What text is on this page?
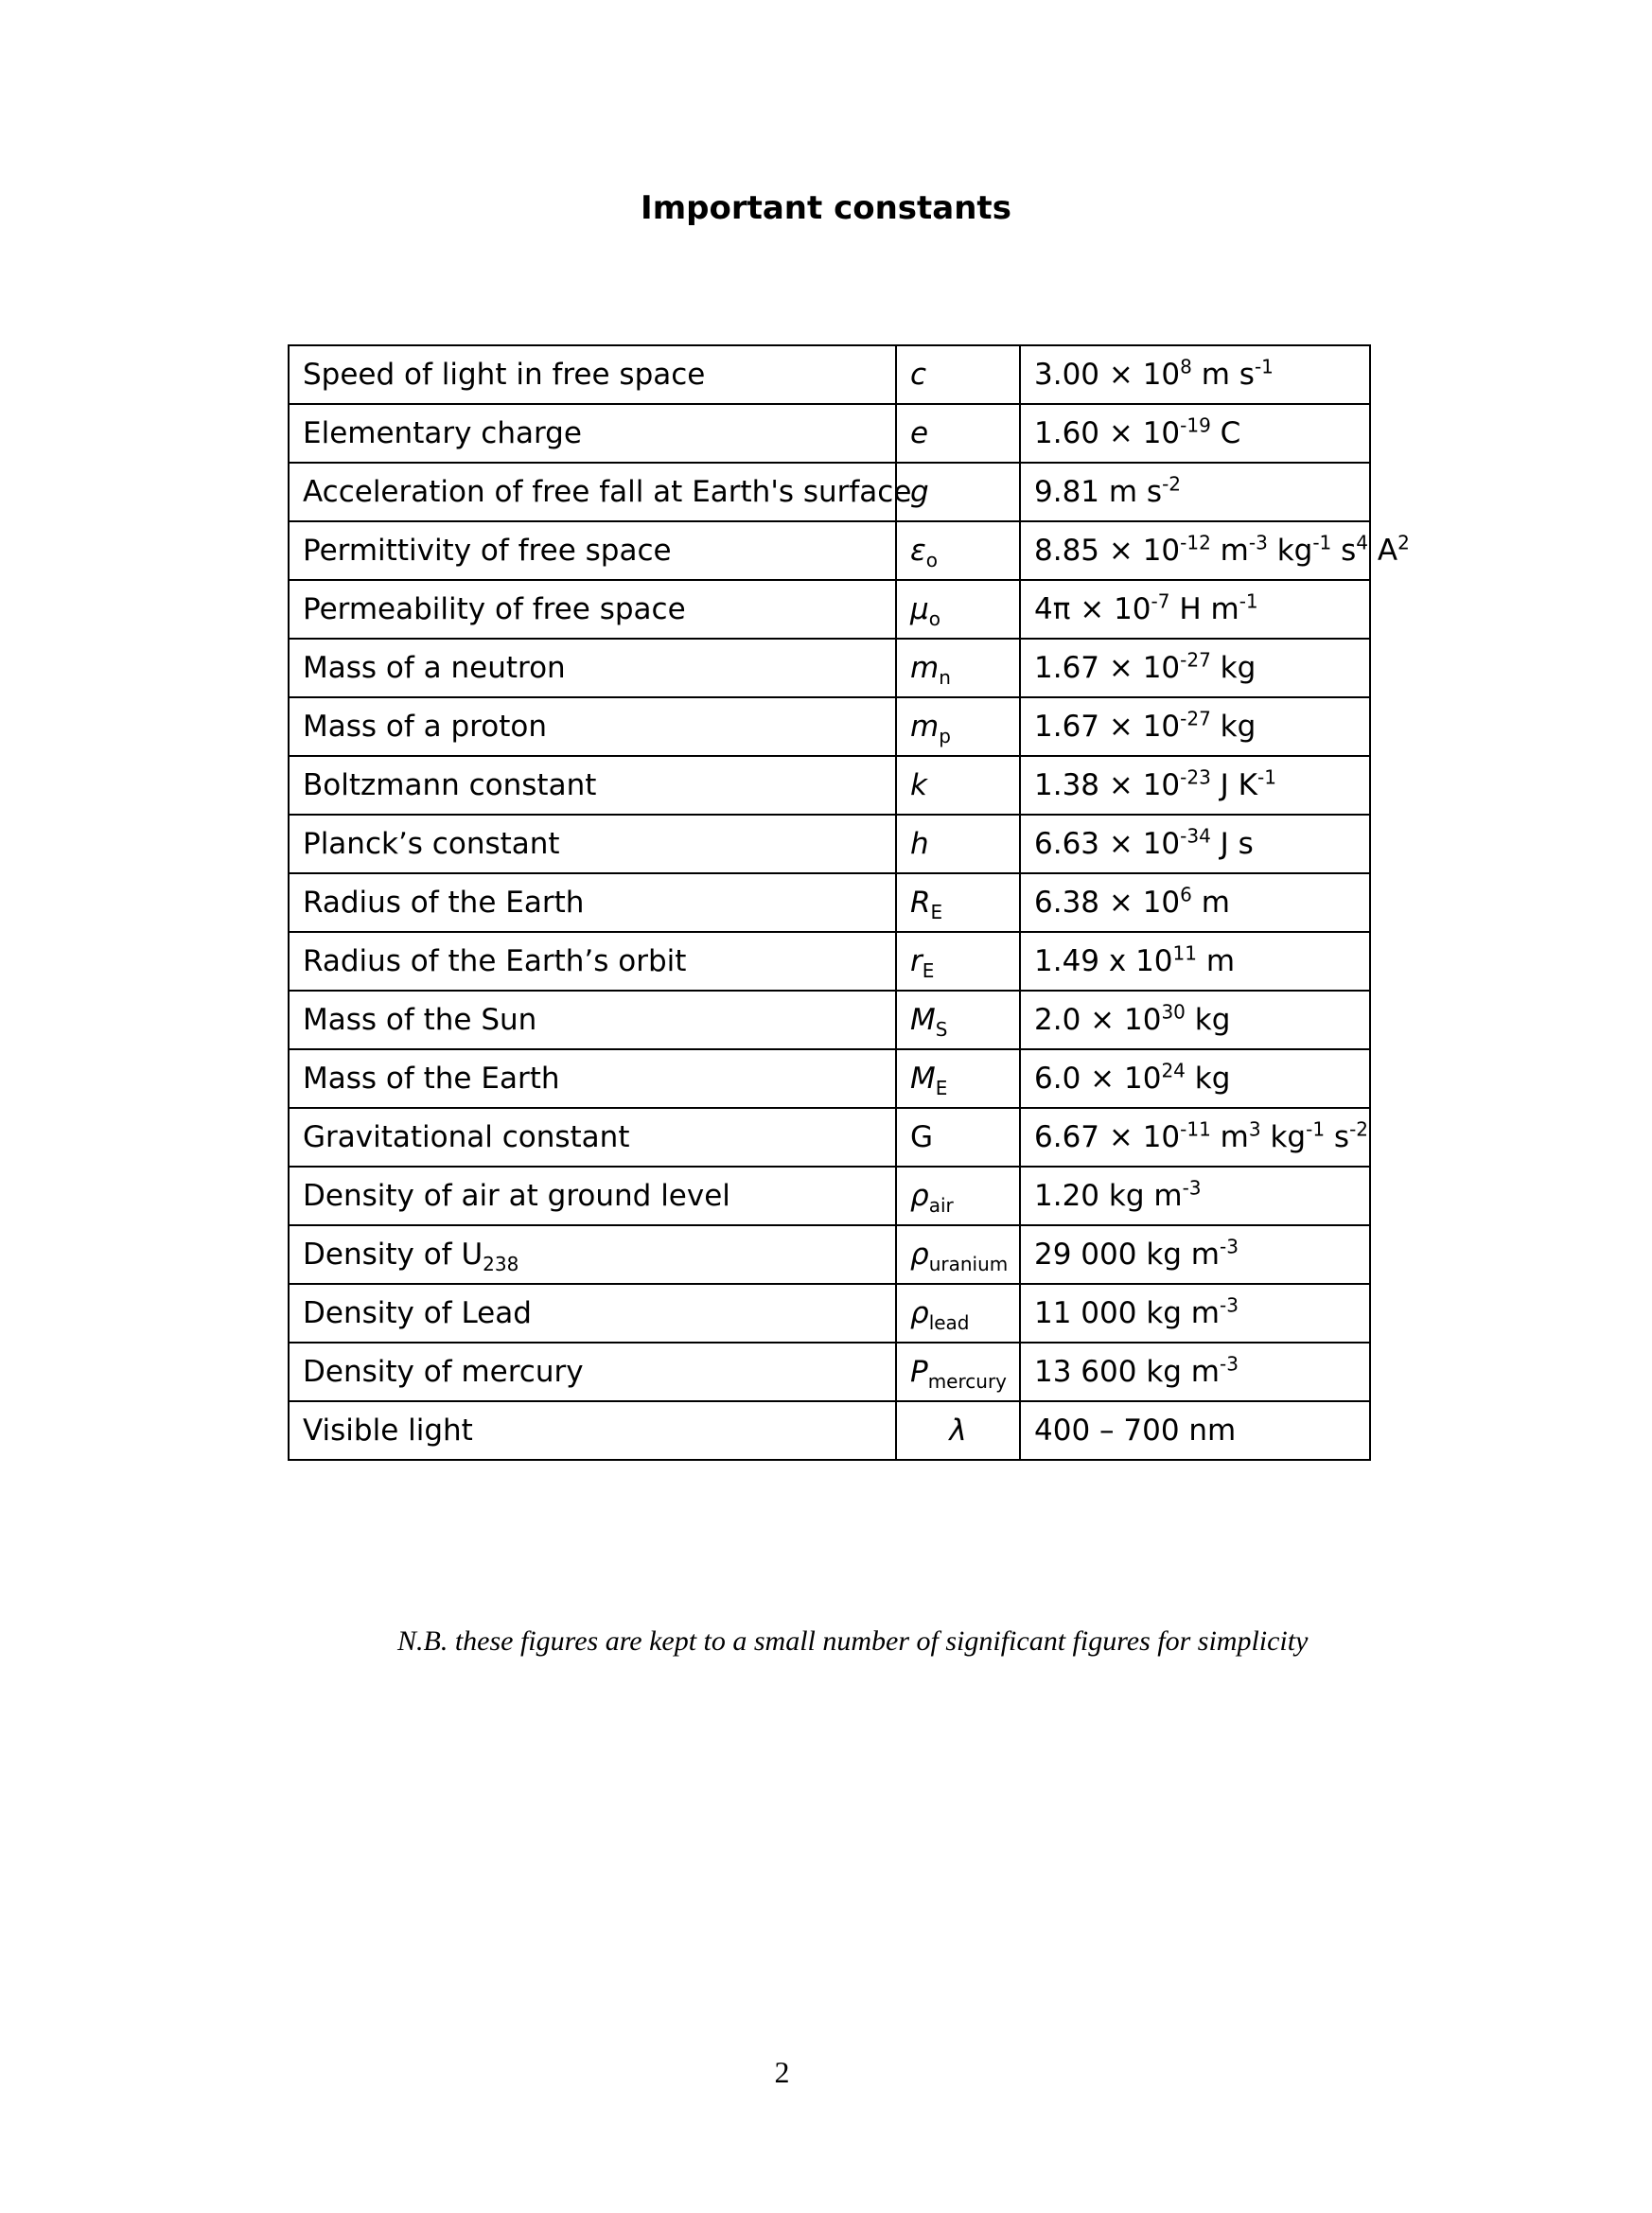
Important constants
Speed of light in free space	c	$3.00 \times 10^8$ m $s^{-1}$
Elementary charge	e	$1.60 \times 10^{-19}$ C
Acceleration of free fall at Earth's surface	g	9.81 m $s^{-2}$
Permittivity of free space	$\varepsilon_o$	$8.85 \times 10^{-12}$ $m^{-3}$ $kg^{-1}$ $s^4$ $A^2$
Permeability of free space	$\mu_o$	$4\pi \times 10^{-7}$ H $m^{-1}$
Mass of a neutron	$m_n$	$1.67 \times 10^{-27}$ kg
Mass of a proton	$m_p$	$1.67 \times 10^{-27}$ kg
Boltzmann constant	k	$1.38 \times 10^{-23}$ J $K^{-1}$
Planck’s constant	h	$6.63 \times 10^{-34}$ J s
Radius of the Earth	$R_E$	$6.38 \times 10^6$ m
Radius of the Earth’s orbit	$r_E$	1.49 x $10^{11}$ m
Mass of the Sun	$M_S$	$2.0 \times 10^{30}$ kg
Mass of the Earth	$M_E$	$6.0 \times 10^{24}$ kg
Gravitational constant	G	$6.67 \times 10^{-11}$ $m^3$ $kg^{-1}$ $s^{-2}$
Density of air at ground level	$\rho_{air}$	1.20 kg $m^{-3}$
Density of $U_{238}$	$\rho_{uranium}$	29 000 kg $m^{-3}$
Density of Lead	$\rho_{lead}$	11 000 kg $m^{-3}$
Density of mercury	$P_{mercury}$	13 600 kg $m^{-3}$
Visible light	λ	400 – 700 nm
N.B. these figures are kept to a small number of significant figures for simplicity
2
